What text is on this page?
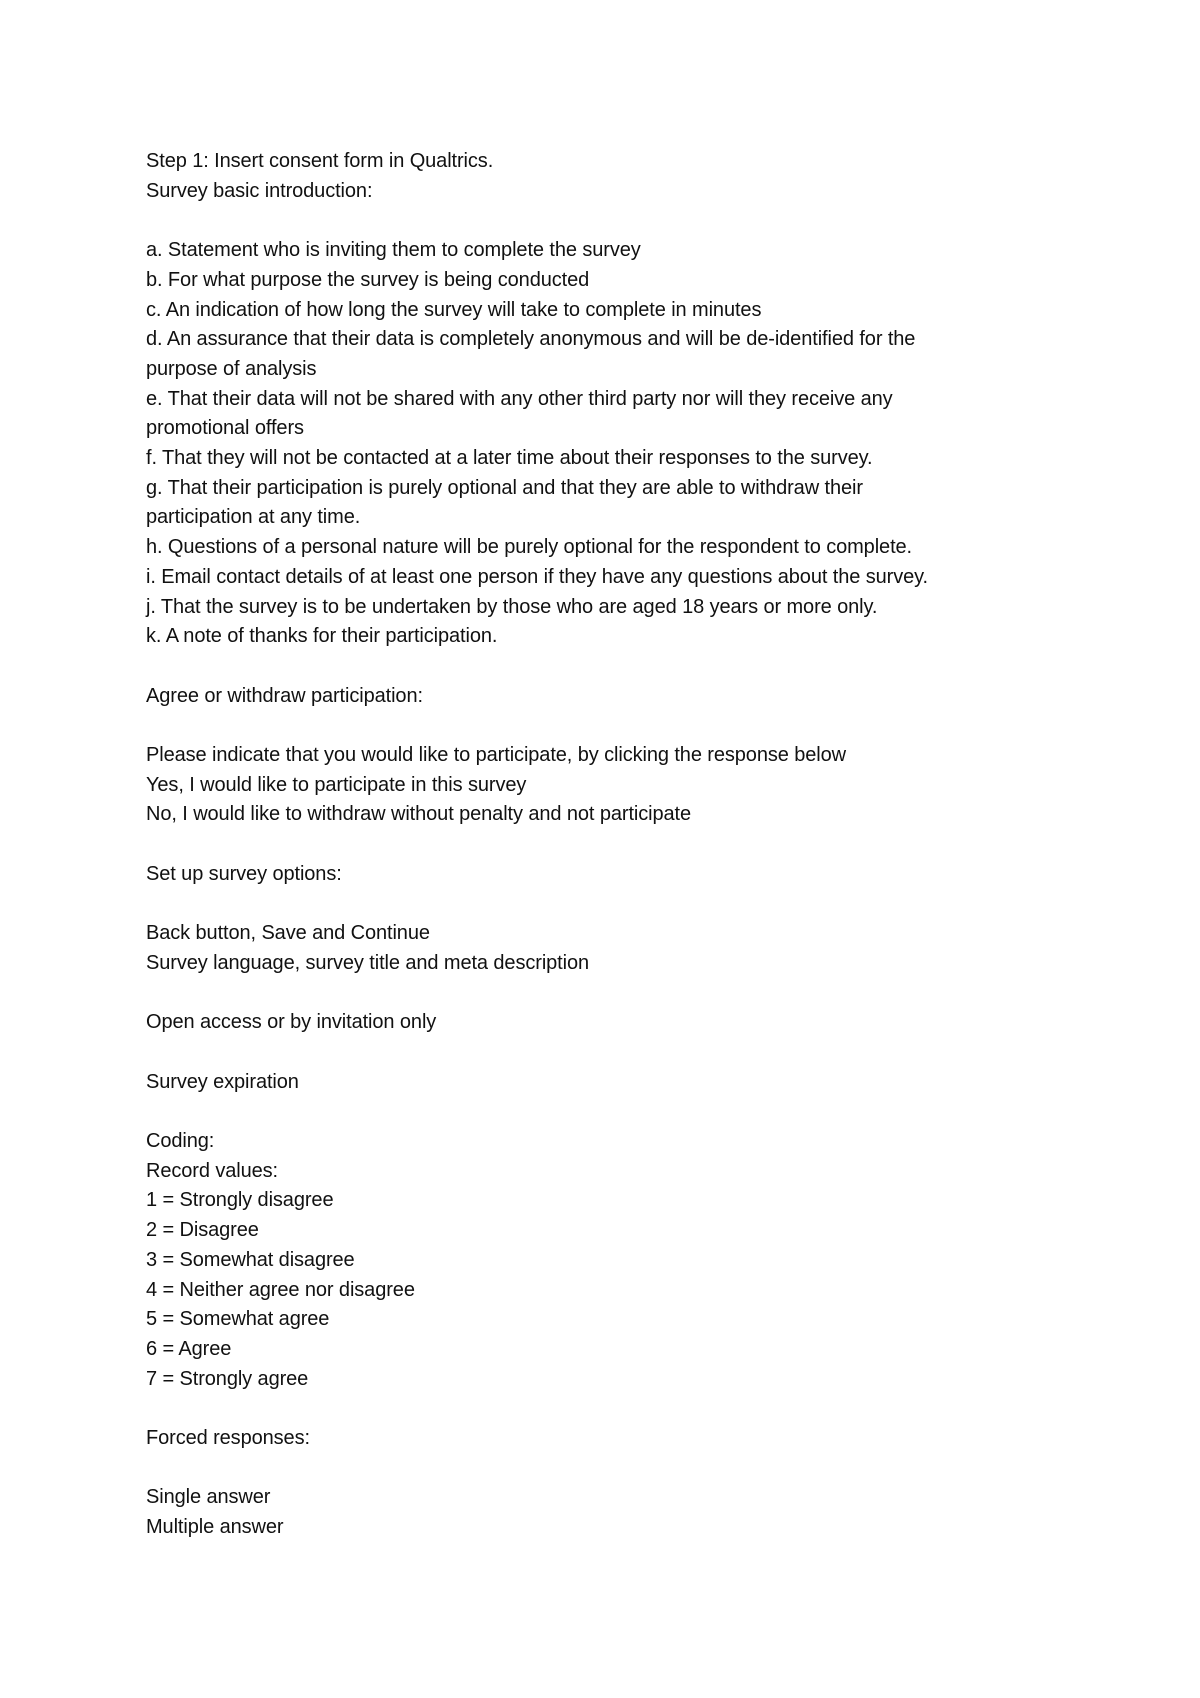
Step 1: Insert consent form in Qualtrics.
Survey basic introduction:
a. Statement who is inviting them to complete the survey
b. For what purpose the survey is being conducted
c. An indication of how long the survey will take to complete in minutes
d. An assurance that their data is completely anonymous and will be de-identified for the
purpose of analysis
e. That their data will not be shared with any other third party nor will they receive any
promotional offers
f. That they will not be contacted at a later time about their responses to the survey.
g. That their participation is purely optional and that they are able to withdraw their
participation at any time.
h. Questions of a personal nature will be purely optional for the respondent to complete.
i. Email contact details of at least one person if they have any questions about the survey.
j. That the survey is to be undertaken by those who are aged 18 years or more only.
k. A note of thanks for their participation.
Agree or withdraw participation:
Please indicate that you would like to participate, by clicking the response below
Yes, I would like to participate in this survey
No, I would like to withdraw without penalty and not participate
Set up survey options:
Back button, Save and Continue
Survey language, survey title and meta description
Open access or by invitation only
Survey expiration
Coding:
Record values:
1 = Strongly disagree
2 = Disagree
3 = Somewhat disagree
4 = Neither agree nor disagree
5 = Somewhat agree
6 = Agree
7 = Strongly agree
Forced responses:
Single answer
Multiple answer
